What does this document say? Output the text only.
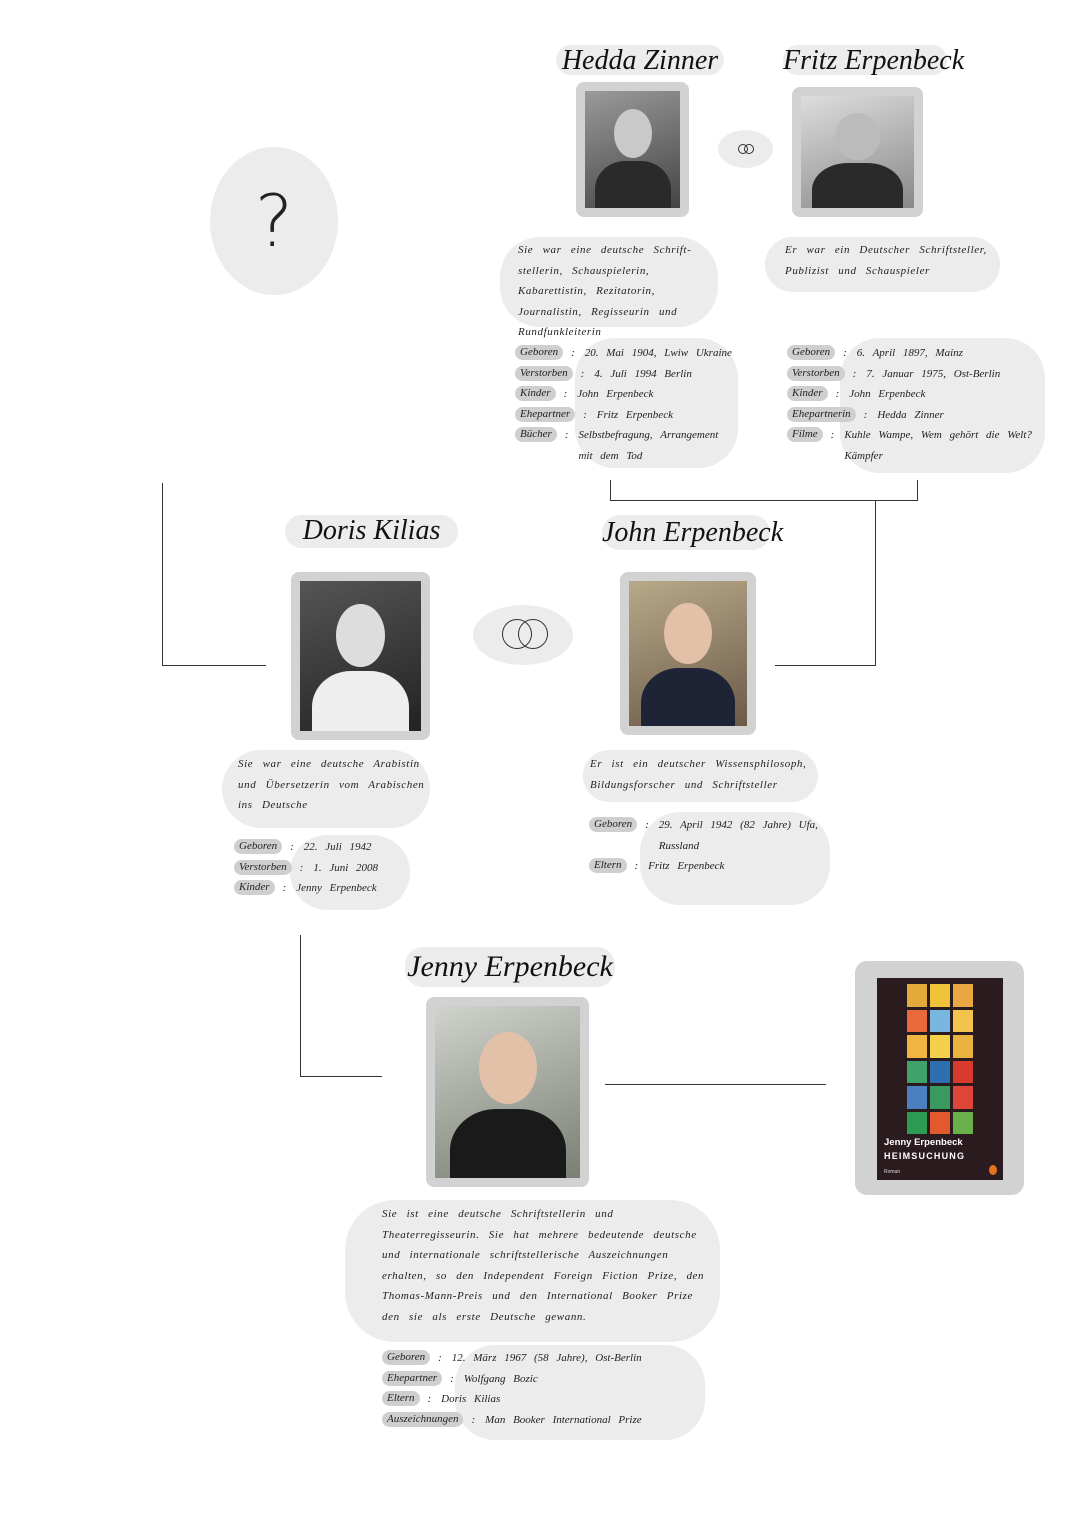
?
Hedda Zinner
Sie war eine deutsche Schrift-stellerin, Schauspielerin, Kabarettistin, Rezitatorin, Journalistin, Regisseurin und Rundfunkleiterin
Geboren	: 20. Mai 1904, Lwiw Ukraine
Verstorben	: 4. Juli 1994 Berlin
Kinder	: John Erpenbeck
Ehepartner	: Fritz Erpenbeck
Bücher	: Selbstbefragung, Arrangement mit dem Tod
Fritz Erpenbeck
Er war ein Deutscher Schriftsteller, Publizist und Schauspieler
Geboren	: 6. April 1897, Mainz
Verstorben	: 7. Januar 1975, Ost-Berlin
Kinder	: John Erpenbeck
Ehepartnerin	: Hedda Zinner
Filme	: Kuhle Wampe, Wem gehört die Welt? Kämpfer
Doris Kilias
Sie war eine deutsche Arabistin und Übersetzerin vom Arabischen ins Deutsche
Geboren	: 22. Juli 1942
Verstorben	: 1. Juni 2008
Kinder	: Jenny Erpenbeck
John Erpenbeck
Er ist ein deutscher Wissensphilosoph, Bildungsforscher und Schriftsteller
Geboren	: 29. April 1942 (82 Jahre) Ufa, Russland
Eltern	: Fritz Erpenbeck
Jenny Erpenbeck
Sie ist eine deutsche Schriftstellerin und Theaterregisseurin. Sie hat mehrere bedeutende deutsche und internationale schriftstellerische Auszeichnungen erhalten, so den Independent Foreign Fiction Prize, den Thomas-Mann-Preis und den International Booker Prize den sie als erste Deutsche gewann.
Geboren	: 12. März 1967 (58 Jahre), Ost-Berlin
Ehepartner	: Wolfgang Bozic
Eltern	: Doris Kilias
Auszeichnungen	: Man Booker International Prize
Jenny Erpenbeck
HEIMSUCHUNG
Roman
